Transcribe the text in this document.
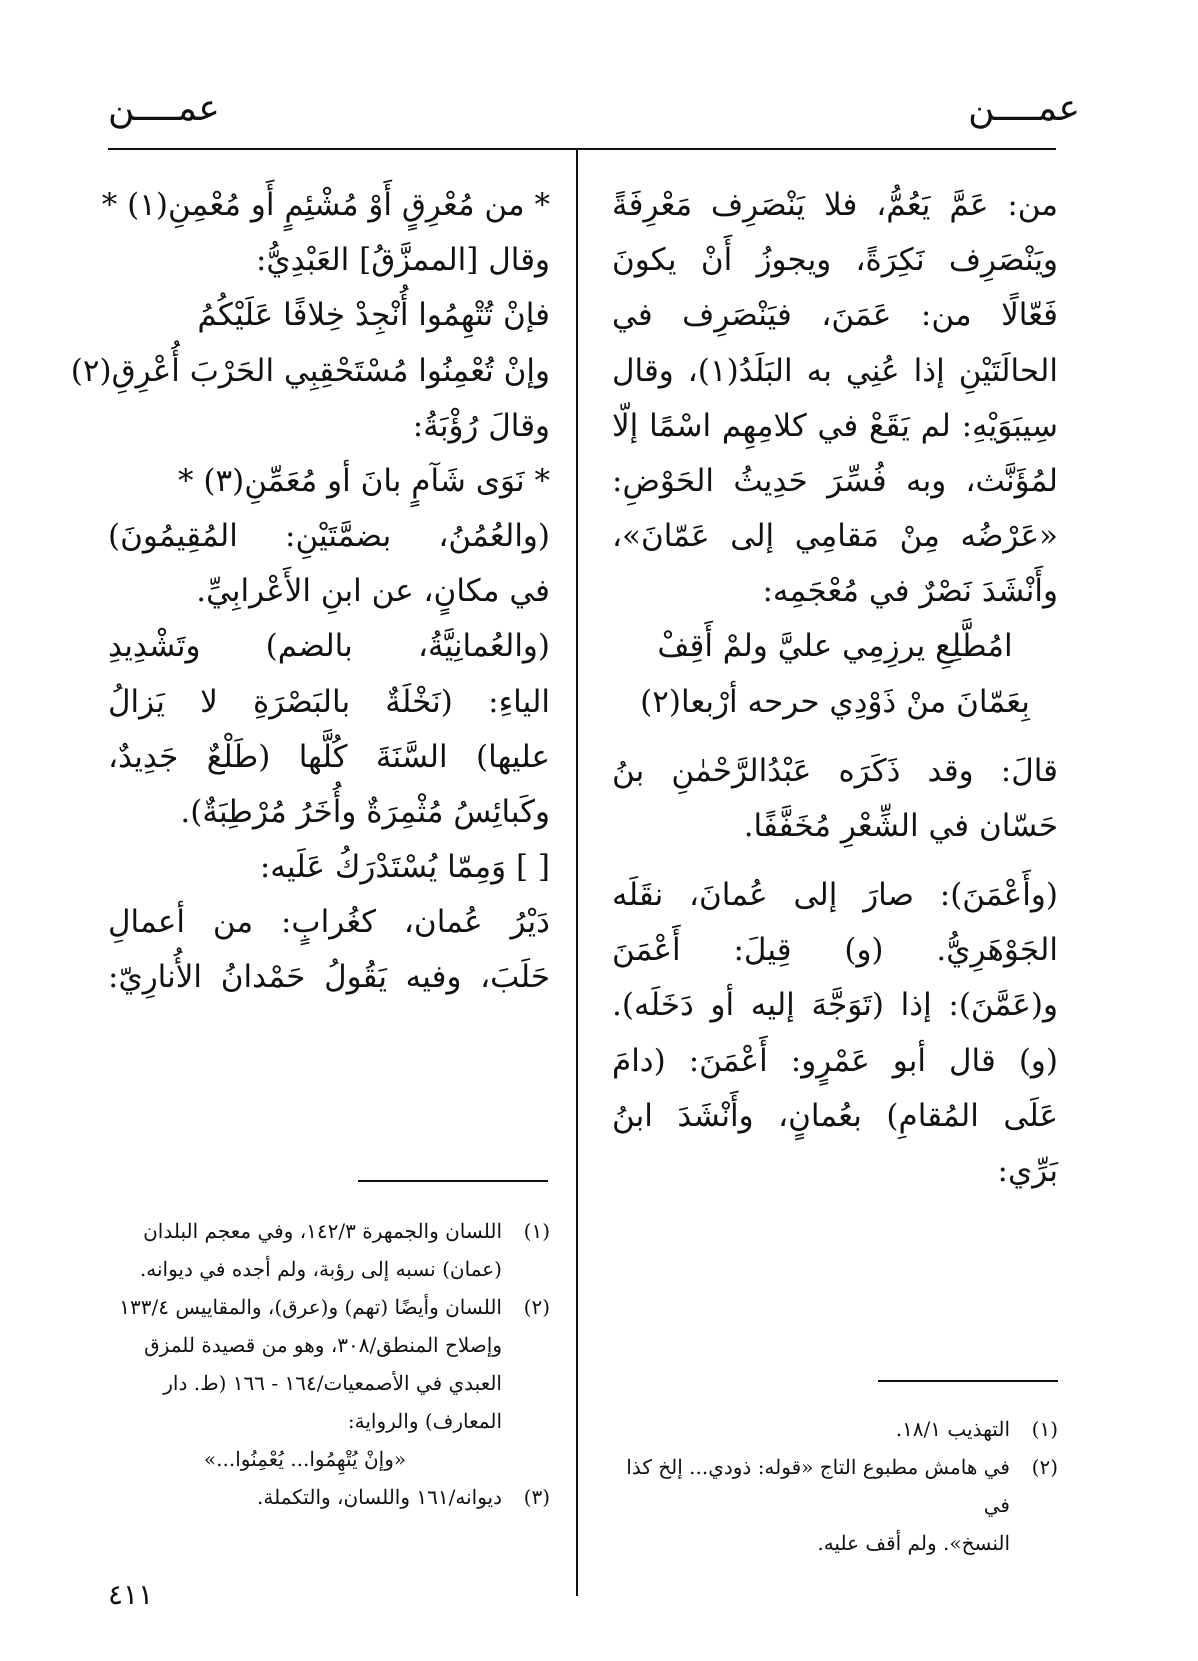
عمــــن
عمــــن
من: عَمَّ يَعُمُّ، فلا يَنْصَرِف مَعْرِفَةً
ويَنْصَرِف نَكِرَةً، ويجوزُ أَنْ يكونَ
فَعّالًا من: عَمَنَ، فيَنْصَرِف في
الحالَتَيْنِ إذا عُنِي به البَلَدُ(١)، وقال
سِيبَوَيْهِ: لم يَقَعْ في كلامِهِم اسْمًا إلّا
لمُؤَنَّث، وبه فُسِّرَ حَدِيثُ الحَوْضِ:
«عَرْضُه مِنْ مَقامِي إلى عَمّانَ»،
وأَنْشَدَ نَصْرٌ في مُعْجَمِه:
امُطَّلِعِ يرزِمِي عليَّ ولمْ أَقِفْ
بِعَمّانَ منْ ذَوْدِي حرحه أرْبعا(٢)
قالَ: وقد ذَكَرَه عَبْدُالرَّحْمٰنِ بنُ
حَسّان في الشِّعْرِ مُخَفَّفًا.
(وأَعْمَنَ): صارَ إلى عُمانَ، نقَلَه
الجَوْهَرِيُّ. (و) قِيلَ: أَعْمَنَ
و(عَمَّنَ): إذا (تَوَجَّهَ إليه أو دَخَلَه).
(و) قال أبو عَمْرٍو: أَعْمَنَ: (دامَ
عَلَى المُقامِ) بعُمانٍ، وأَنْشَدَ ابنُ
بَرِّي:
* من مُعْرِقٍ أَوْ مُشْئِمٍ أَو مُعْمِنِ(١) *
وقال [الممزَّقُ] العَبْدِيُّ:
فإنْ تُتْهِمُوا أُنْجِدْ خِلافًا عَلَيْكُمُ
وإنْ تُعْمِنُوا مُسْتَحْقِبِي الحَرْبَ أُعْرِقِ(٢)
وقالَ رُؤْبَةُ:
* نَوَى شَآمٍ بانَ أو مُعَمِّنِ(٣) *
(والعُمُنُ، بضمَّتَيْنِ: المُقِيمُونَ)
في مكانٍ، عن ابنِ الأَعْرابِيِّ.
(والعُمانِيَّةُ، بالضم) وتَشْدِيدِ
الياءِ: (نَخْلَةٌ بالبَصْرَةِ لا يَزالُ
عليها) السَّنَةَ كُلَّها (طَلْعٌ جَدِيدٌ،
وكَبائِسُ مُثْمِرَةٌ وأُخَرُ مُرْطِبَةٌ).
[ ] وَمِمّا يُسْتَدْرَكُ عَلَيه:
دَيْرُ عُمان، كغُرابٍ: من أعمالِ
حَلَبَ، وفيه يَقُولُ حَمْدانُ الأُنارِيّ:
(١)
اللسان والجمهرة ١٤٢/٣، وفي معجم البلدان
(عمان) نسبه إلى رؤبة، ولم أجده في ديوانه.
(٢)
اللسان وأيضًا (تهم) و(عرق)، والمقاييس ١٣٣/٤
وإصلاح المنطق/٣٠٨، وهو من قصيدة للمزق
العبدي في الأصمعيات/١٦٤ - ١٦٦ (ط. دار
المعارف) والرواية:
«وإنْ يُتْهِمُوا... يُعْمِنُوا...»
(٣)
ديوانه/١٦١ واللسان، والتكملة.
(١)
التهذيب ١٨/١.
(٢)
في هامش مطبوع التاج «قوله: ذودي... إلخ كذا في
النسخ». ولم أقف عليه.
٤١١
